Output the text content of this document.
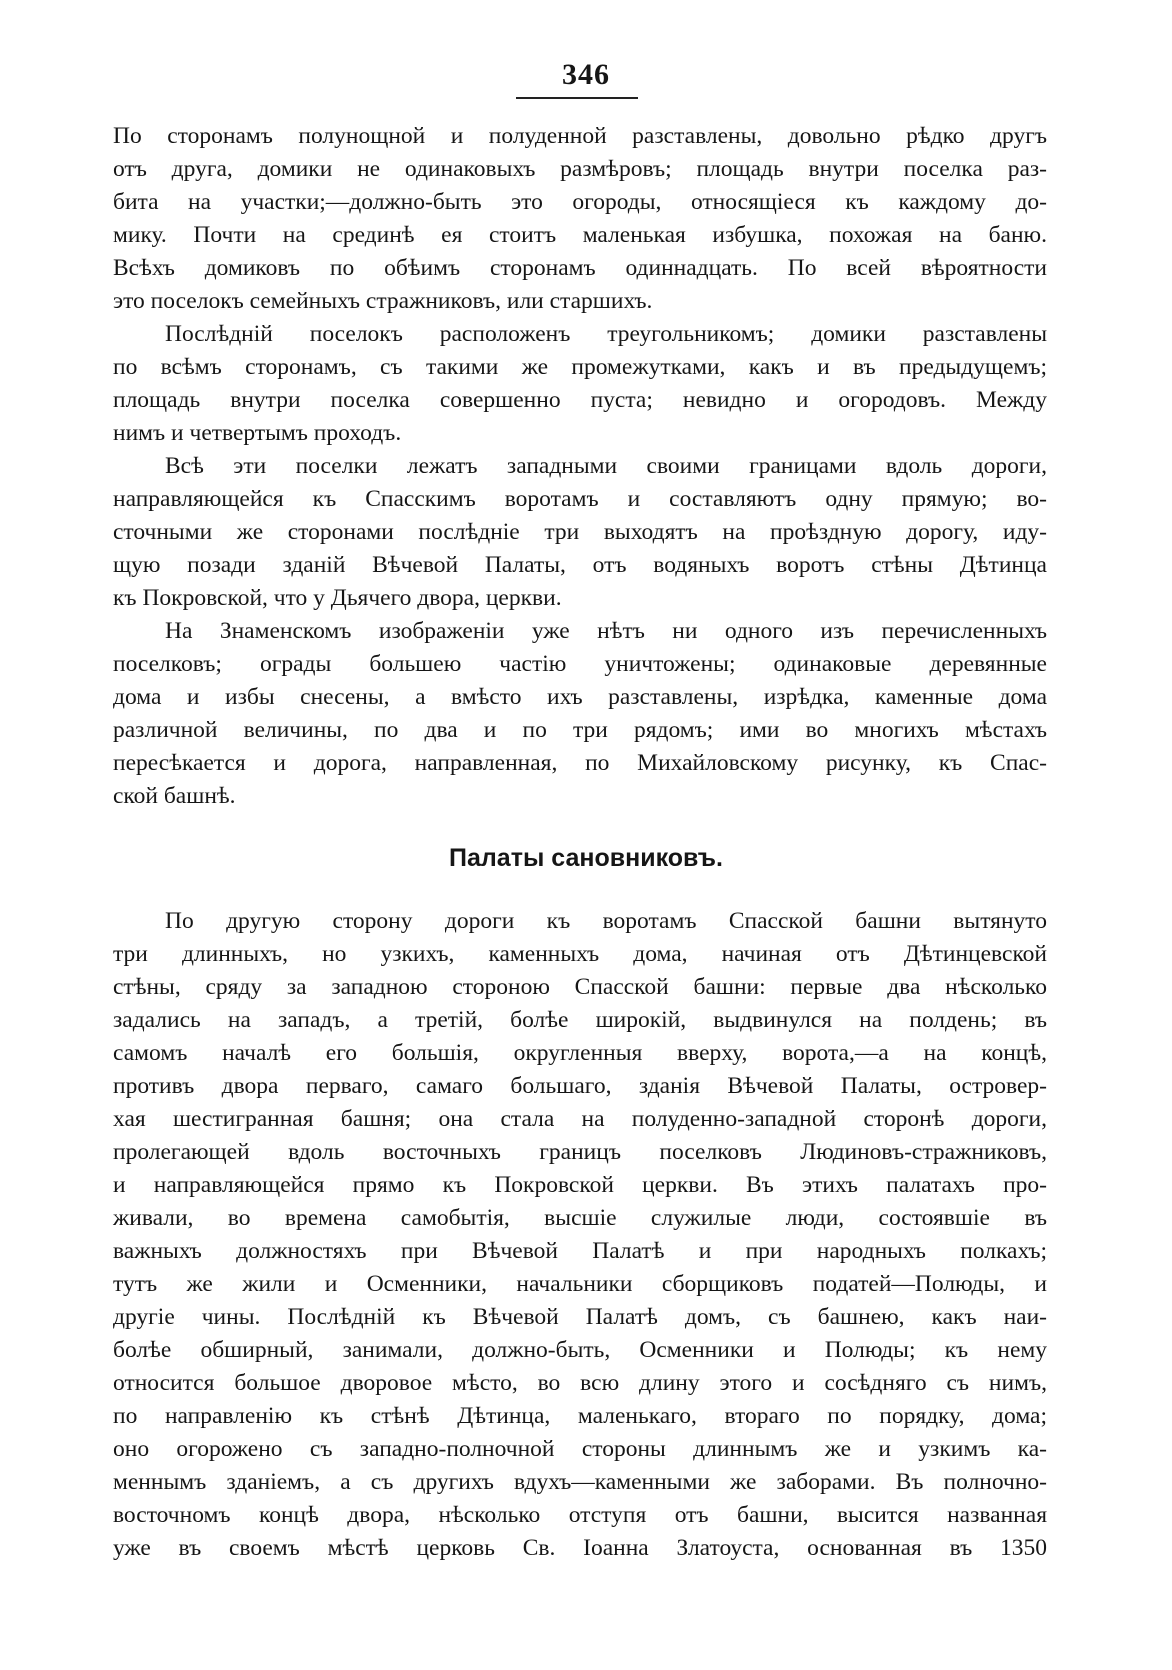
346
По сторонамъ полунощной и полуденной разставлены, довольно рѣдко другъ
отъ друга, домики не одинаковыхъ размѣровъ; площадь внутри поселка раз-
бита на участки;—должно-быть это огороды, относящiеся къ каждому до-
мику. Почти на срединѣ ея стоитъ маленькая избушка, похожая на баню.
Всѣхъ домиковъ по обѣимъ сторонамъ одиннадцать. По всей вѣроятности
это поселокъ семейныхъ стражниковъ, или старшихъ.
Послѣднiй поселокъ расположенъ треугольникомъ; домики разставлены
по всѣмъ сторонамъ, съ такими же промежутками, какъ и въ предыдущемъ;
площадь внутри поселка совершенно пуста; невидно и огородовъ. Между
нимъ и четвертымъ проходъ.
Всѣ эти поселки лежатъ западными своими границами вдоль дороги,
направляющейся къ Спасскимъ воротамъ и составляютъ одну прямую; во-
сточными же сторонами послѣднiе три выходятъ на проѣздную дорогу, иду-
щую позади зданiй Вѣчевой Палаты, отъ водяныхъ воротъ стѣны Дѣтинца
къ Покровской, что у Дьячего двора, церкви.
На Знаменскомъ изображенiи уже нѣтъ ни одного изъ перечисленныхъ
поселковъ; ограды большею частiю уничтожены; одинаковые деревянные
дома и избы снесены, а вмѣсто ихъ разставлены, изрѣдка, каменные дома
различной величины, по два и по три рядомъ; ими во многихъ мѣстахъ
пересѣкается и дорога, направленная, по Михайловскому рисунку, къ Спас-
ской башнѣ.
Палаты сановниковъ.
По другую сторону дороги къ воротамъ Спасской башни вытянуто
три длинныхъ, но узкихъ, каменныхъ дома, начиная отъ Дѣтинцевской
стѣны, сряду за западною стороною Спасской башни: первые два нѣсколько
задались на западъ, а третiй, болѣе широкiй, выдвинулся на полдень; въ
самомъ началѣ его большiя, округленныя вверху, ворота,—а на концѣ,
противъ двора перваго, самаго большаго, зданiя Вѣчевой Палаты, островер-
хая шестигранная башня; она стала на полуденно-западной сторонѣ дороги,
пролегающей вдоль восточныхъ границъ поселковъ Людиновъ-стражниковъ,
и направляющейся прямо къ Покровской церкви. Въ этихъ палатахъ про-
живали, во времена самобытiя, высшiе служилые люди, состоявшiе въ
важныхъ должностяхъ при Вѣчевой Палатѣ и при народныхъ полкахъ;
тутъ же жили и Осменники, начальники сборщиковъ податей—Полюды, и
другiе чины. Послѣднiй къ Вѣчевой Палатѣ домъ, съ башнею, какъ наи-
болѣе обширный, занимали, должно-быть, Осменники и Полюды; къ нему
относится большое дворовое мѣсто, во всю длину этого и сосѣдняго съ нимъ,
по направленiю къ стѣнѣ Дѣтинца, маленькаго, втораго по порядку, дома;
оно огорожено съ западно-полночной стороны длиннымъ же и узкимъ ка-
меннымъ зданiемъ, а съ другихъ вдухъ—каменными же заборами. Въ полночно-
восточномъ концѣ двора, нѣсколько отступя отъ башни, высится названная
уже въ своемъ мѣстѣ церковь Св. Iоанна Златоуста, основанная въ 1350
